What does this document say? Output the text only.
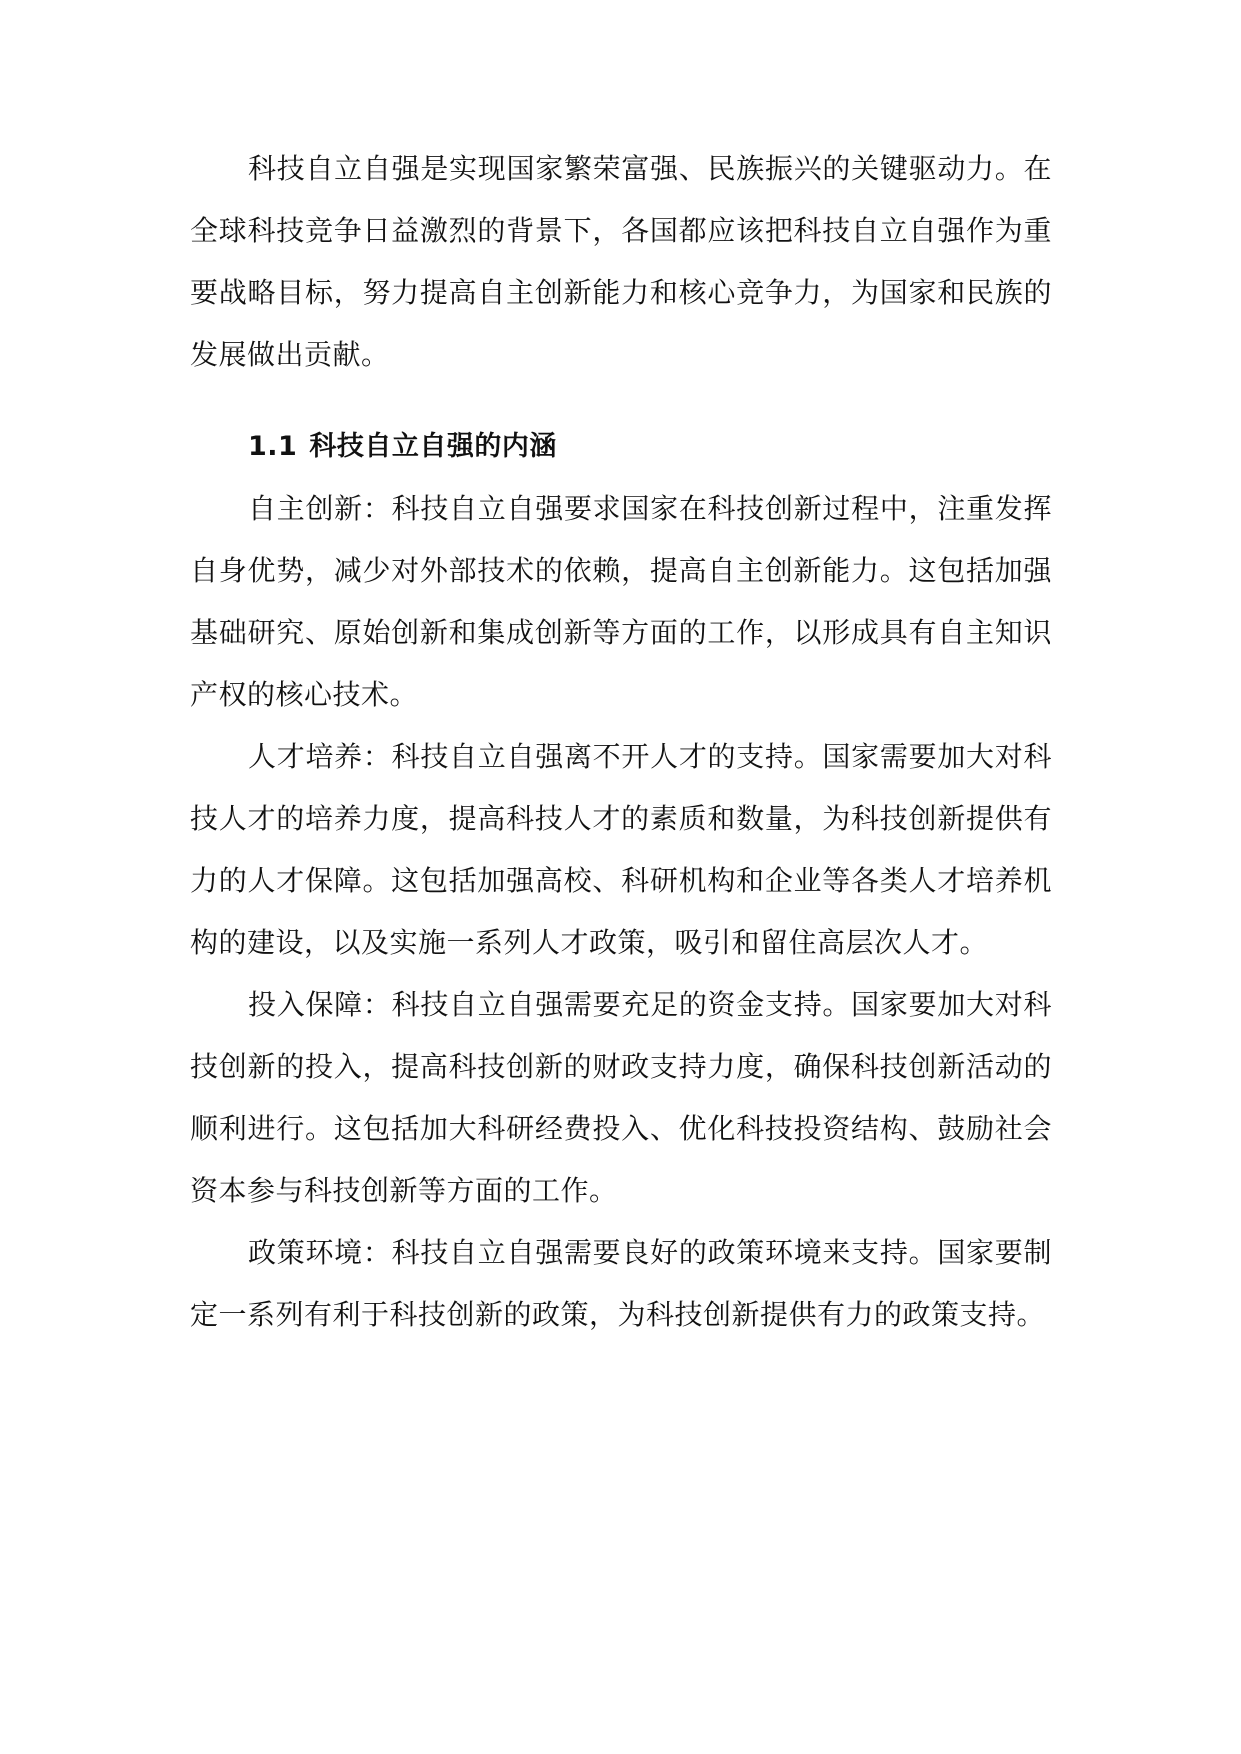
科技自立自强是实现国家繁荣富强、民族振兴的关键驱动力。在全球科技竞争日益激烈的背景下，各国都应该把科技自立自强作为重要战略目标，努力提高自主创新能力和核心竞争力，为国家和民族的发展做出贡献。

1.1 科技自立自强的内涵

自主创新：科技自立自强要求国家在科技创新过程中，注重发挥自身优势，减少对外部技术的依赖，提高自主创新能力。这包括加强基础研究、原始创新和集成创新等方面的工作，以形成具有自主知识产权的核心技术。

人才培养：科技自立自强离不开人才的支持。国家需要加大对科技人才的培养力度，提高科技人才的素质和数量，为科技创新提供有力的人才保障。这包括加强高校、科研机构和企业等各类人才培养机构的建设，以及实施一系列人才政策，吸引和留住高层次人才。

投入保障：科技自立自强需要充足的资金支持。国家要加大对科技创新的投入，提高科技创新的财政支持力度，确保科技创新活动的顺利进行。这包括加大科研经费投入、优化科技投资结构、鼓励社会资本参与科技创新等方面的工作。

政策环境：科技自立自强需要良好的政策环境来支持。国家要制定一系列有利于科技创新的政策，为科技创新提供有力的政策支持。
